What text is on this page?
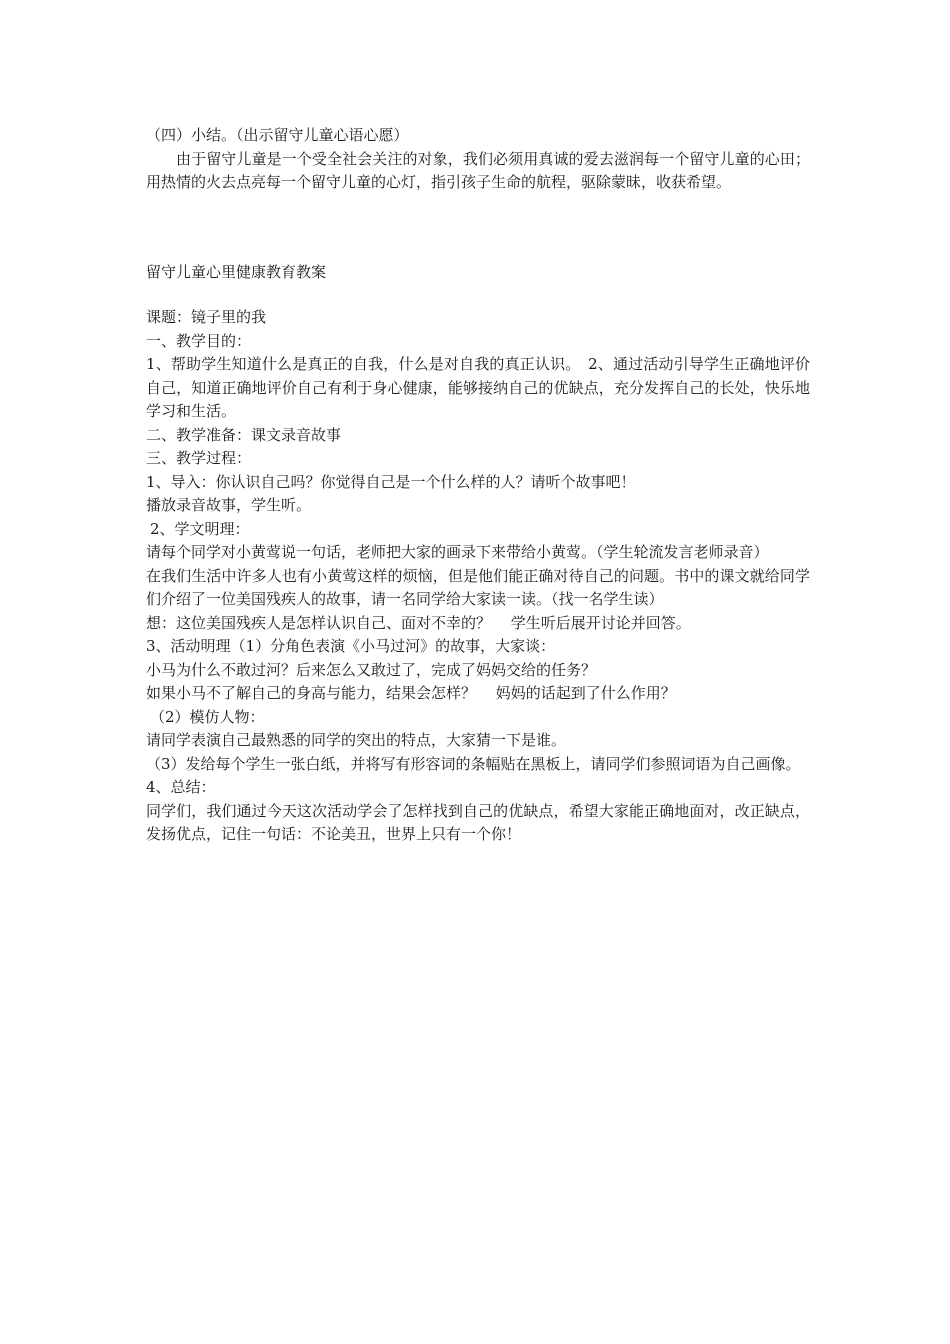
（四）小结。（出示留守儿童心语心愿）

由于留守儿童是一个受全社会关注的对象，我们必须用真诚的爱去滋润每一个留守儿童的心田；用热情的火去点亮每一个留守儿童的心灯，指引孩子生命的航程，驱除蒙昧，收获希望。

留守儿童心里健康教育教案

课题：镜子里的我

一、教学目的：

1、帮助学生知道什么是真正的自我，什么是对自我的真正认识。　2、通过活动引导学生正确地评价自己，知道正确地评价自己有利于身心健康，能够接纳自己的优缺点，充分发挥自己的长处，快乐地学习和生活。

二、教学准备：课文录音故事

三、教学过程：

1、导入：你认识自己吗？你觉得自己是一个什么样的人？请听个故事吧！

播放录音故事，学生听。

2、学文明理：

请每个同学对小黄莺说一句话，老师把大家的画录下来带给小黄莺。（学生轮流发言老师录音）

在我们生活中许多人也有小黄莺这样的烦恼，但是他们能正确对待自己的问题。书中的课文就给同学们介绍了一位美国残疾人的故事，请一名同学给大家读一读。（找一名学生读）

想：这位美国残疾人是怎样认识自己、面对不幸的？　 学生听后展开讨论并回答。

3、活动明理（1）分角色表演《小马过河》的故事，大家谈：

小马为什么不敢过河？后来怎么又敢过了，完成了妈妈交给的任务？

如果小马不了解自己的身高与能力，结果会怎样？　 妈妈的话起到了什么作用？

（2）模仿人物：

请同学表演自己最熟悉的同学的突出的特点，大家猜一下是谁。

（3）发给每个学生一张白纸，并将写有形容词的条幅贴在黑板上，请同学们参照词语为自己画像。

4、总结：

同学们，我们通过今天这次活动学会了怎样找到自己的优缺点，希望大家能正确地面对，改正缺点，发扬优点，记住一句话：不论美丑，世界上只有一个你！
